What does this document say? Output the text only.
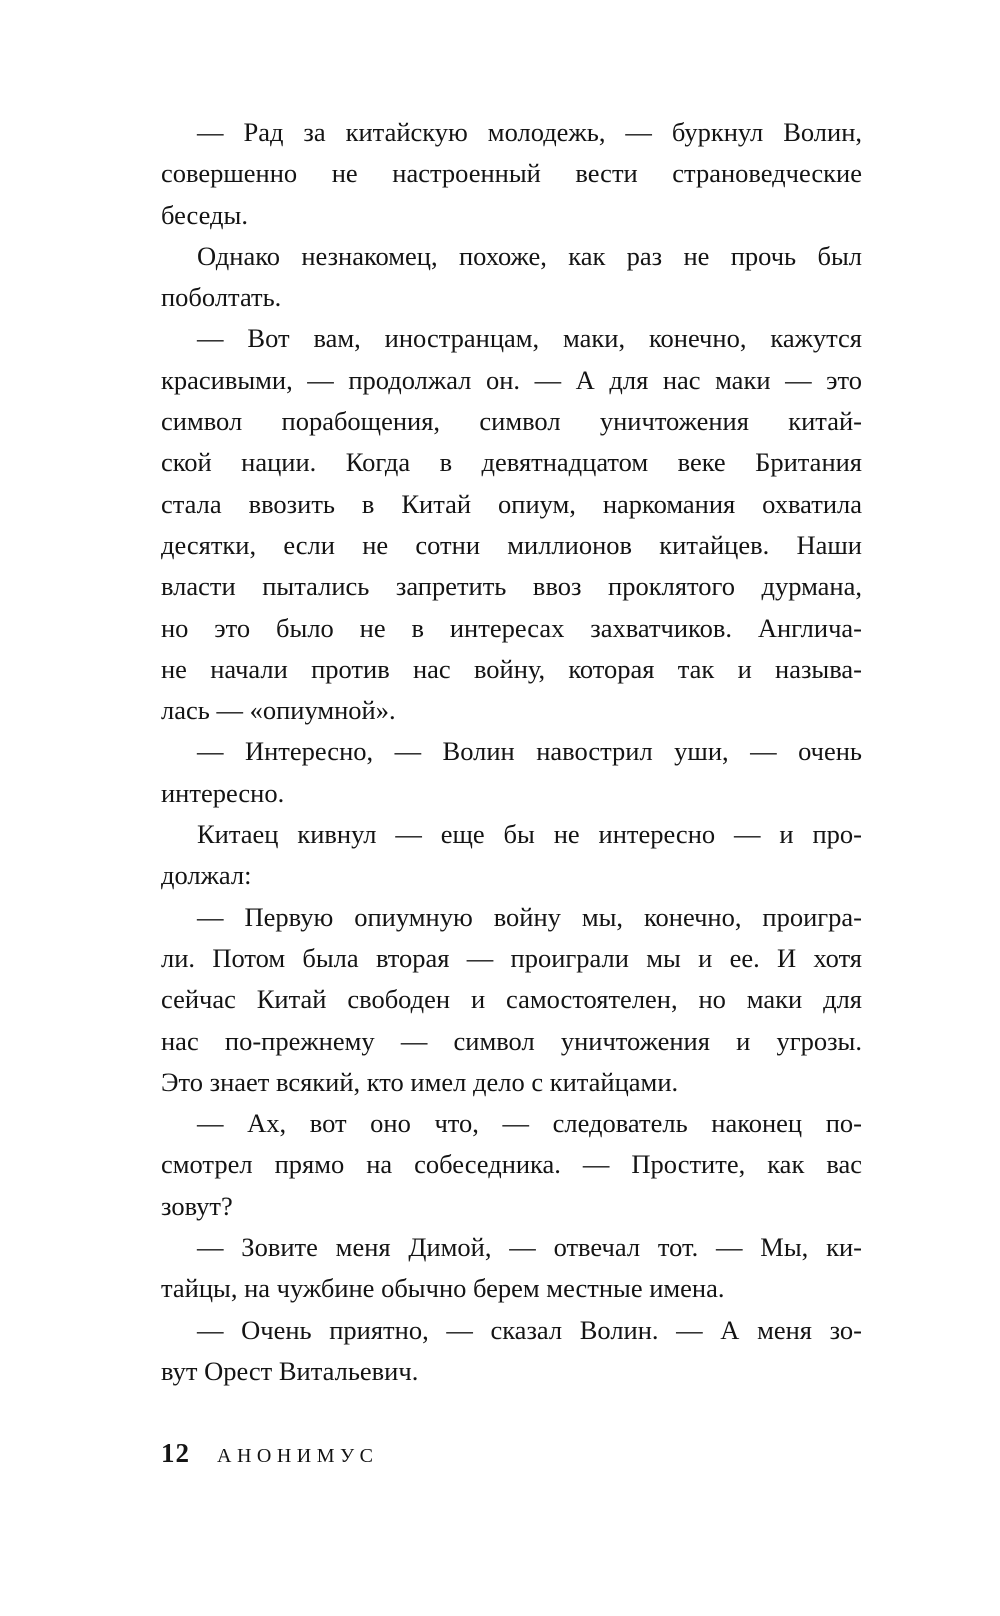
— Рад за китайскую молодежь, — буркнул Волин,
совершенно не настроенный вести страноведческие
беседы.
Однако незнакомец, похоже, как раз не прочь был
поболтать.
— Вот вам, иностранцам, маки, конечно, кажутся
красивыми, — продолжал он. — А для нас маки — это
символ порабощения, символ уничтожения китай-
ской нации. Когда в девятнадцатом веке Британия
стала ввозить в Китай опиум, наркомания охватила
десятки, если не сотни миллионов китайцев. Наши
власти пытались запретить ввоз проклятого дурмана,
но это было не в интересах захватчиков. Англича-
не начали против нас войну, которая так и называ-
лась — «опиумной».
— Интересно, — Волин навострил уши, — очень
интересно.
Китаец кивнул — еще бы не интересно — и про-
должал:
— Первую опиумную войну мы, конечно, проигра-
ли. Потом была вторая — проиграли мы и ее. И хотя
сейчас Китай свободен и самостоятелен, но маки для
нас по-прежнему — символ уничтожения и угрозы.
Это знает всякий, кто имел дело с китайцами.
— Ах, вот оно что, — следователь наконец по-
смотрел прямо на собеседника. — Простите, как вас
зовут?
— Зовите меня Димой, — отвечал тот. — Мы, ки-
тайцы, на чужбине обычно берем местные имена.
— Очень приятно, — сказал Волин. — А меня зо-
вут Орест Витальевич.
12 АНОНИМУС
